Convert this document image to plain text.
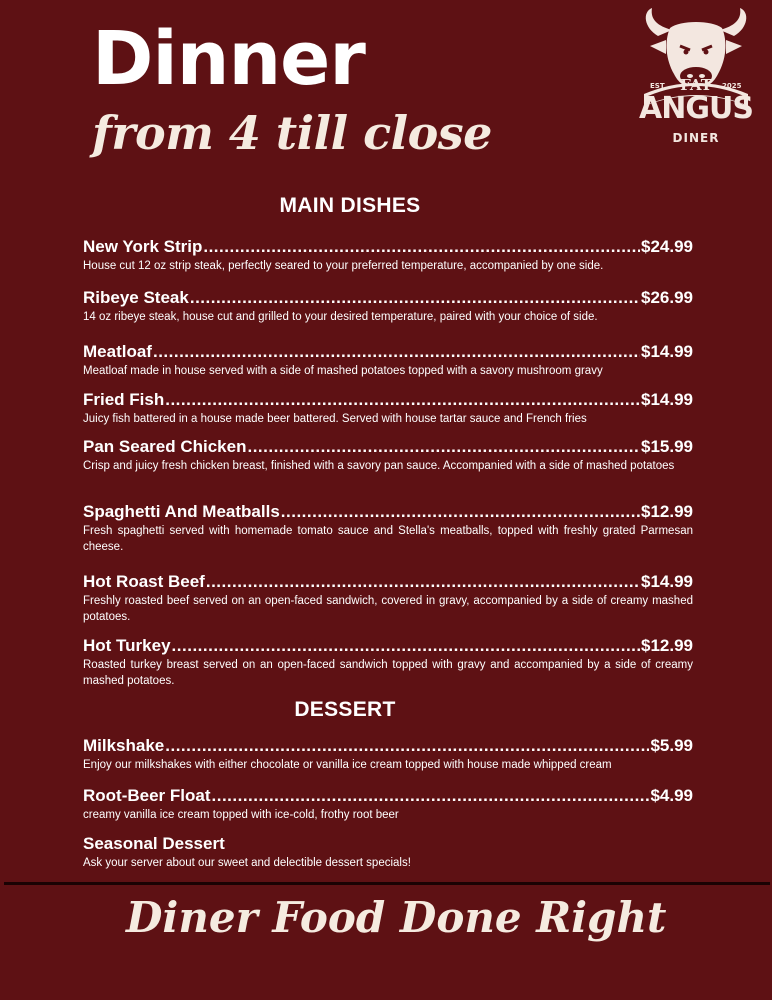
Dinner
from 4 till close
EST	2025
FAT
ANGUS
DINER
MAIN DISHES
New York Strip .....	$24.99
House cut 12 oz strip steak, perfectly seared to your preferred temperature, accompanied by one side.
Ribeye Steak .....	$26.99
14 oz ribeye steak, house cut and grilled to your desired temperature, paired with your choice of side.
Meatloaf .....	$14.99
Meatloaf made in house served with a side of mashed potatoes topped with a savory mushroom gravy
Fried Fish .....	$14.99
Juicy fish battered in a house made beer battered. Served with house tartar sauce and French fries
Pan Seared Chicken .....	$15.99
Crisp and juicy fresh chicken breast, finished with a savory pan sauce. Accompanied with a side of mashed potatoes
Spaghetti And Meatballs .....	$12.99
Fresh spaghetti served with homemade tomato sauce and Stella's meatballs, topped with freshly grated Parmesan cheese.
Hot Roast Beef .....	$14.99
Freshly roasted beef served on an open-faced sandwich, covered in gravy, accompanied by a side of creamy mashed potatoes.
Hot Turkey .....	$12.99
Roasted turkey breast served on an open-faced sandwich topped with gravy and accompanied by a side of creamy mashed potatoes.
DESSERT
Milkshake .....	$5.99
Enjoy our milkshakes with either chocolate or vanilla ice cream topped with house made whipped cream
Root-Beer Float .....	$4.99
creamy vanilla ice cream topped with ice-cold, frothy root beer
Seasonal Dessert
Ask your server about our sweet and delectible dessert specials!
Diner Food Done Right
